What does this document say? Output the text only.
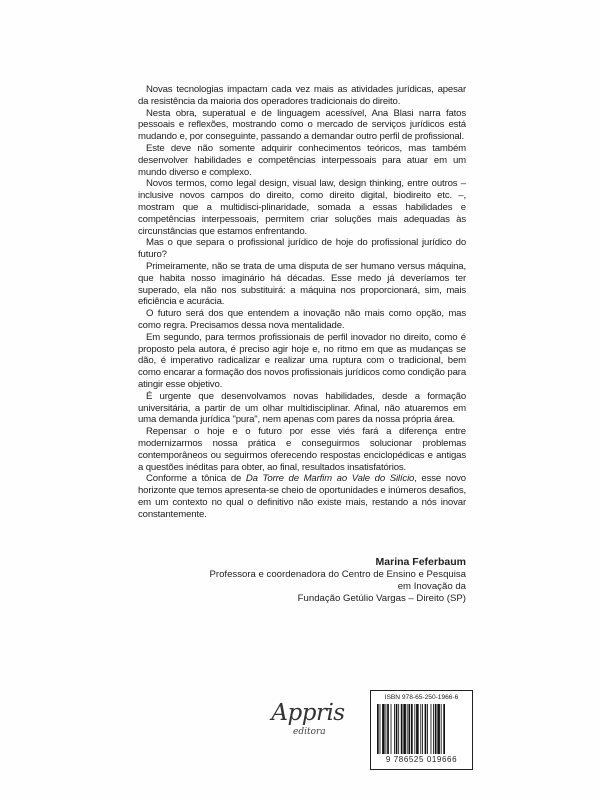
Novas tecnologias impactam cada vez mais as atividades jurídicas, apesar da resistência da maioria dos operadores tradicionais do direito.

Nesta obra, superatual e de linguagem acessível, Ana Blasi narra fatos pessoais e reflexões, mostrando como o mercado de serviços jurídicos está mudando e, por conseguinte, passando a demandar outro perfil de profissional.

Este deve não somente adquirir conhecimentos teóricos, mas também desenvolver habilidades e competências interpessoais para atuar em um mundo diverso e complexo.

Novos termos, como legal design, visual law, design thinking, entre outros – inclusive novos campos do direito, como direito digital, biodireito etc. –, mostram que a multidisci-plinaridade, somada a essas habilidades e competências interpessoais, permitem criar soluções mais adequadas às circunstâncias que estamos enfrentando.

Mas o que separa o profissional jurídico de hoje do profissional jurídico do futuro?

Primeiramente, não se trata de uma disputa de ser humano versus máquina, que habita nosso imaginário há décadas. Esse medo já deveríamos ter superado, ela não nos substituirá: a máquina nos proporcionará, sim, mais eficiência e acurácia.

O futuro será dos que entendem a inovação não mais como opção, mas como regra. Precisamos dessa nova mentalidade.

Em segundo, para termos profissionais de perfil inovador no direito, como é proposto pela autora, é preciso agir hoje e, no ritmo em que as mudanças se dão, é imperativo radicalizar e realizar uma ruptura com o tradicional, bem como encarar a formação dos novos profissionais jurídicos como condição para atingir esse objetivo.

É urgente que desenvolvamos novas habilidades, desde a formação universitária, a partir de um olhar multidisciplinar. Afinal, não atuaremos em uma demanda jurídica "pura", nem apenas com pares da nossa própria área.

Repensar o hoje e o futuro por esse viés fará a diferença entre modernizarmos nossa prática e conseguirmos solucionar problemas contemporâneos ou seguirmos oferecendo respostas enciclopédicas e antigas a questões inéditas para obter, ao final, resultados insatisfatórios.

Conforme a tônica de Da Torre de Marfim ao Vale do Silício, esse novo horizonte que temos apresenta-se cheio de oportunidades e inúmeros desafios, em um contexto no qual o definitivo não existe mais, restando a nós inovar constantemente.

Marina Feferbaum
Professora e coordenadora do Centro de Ensino e Pesquisa em Inovação da
Fundação Getúlio Vargas – Direito (SP)
Appris
editora
ISBN 978-65-250-1966-6
9 786525 019666
